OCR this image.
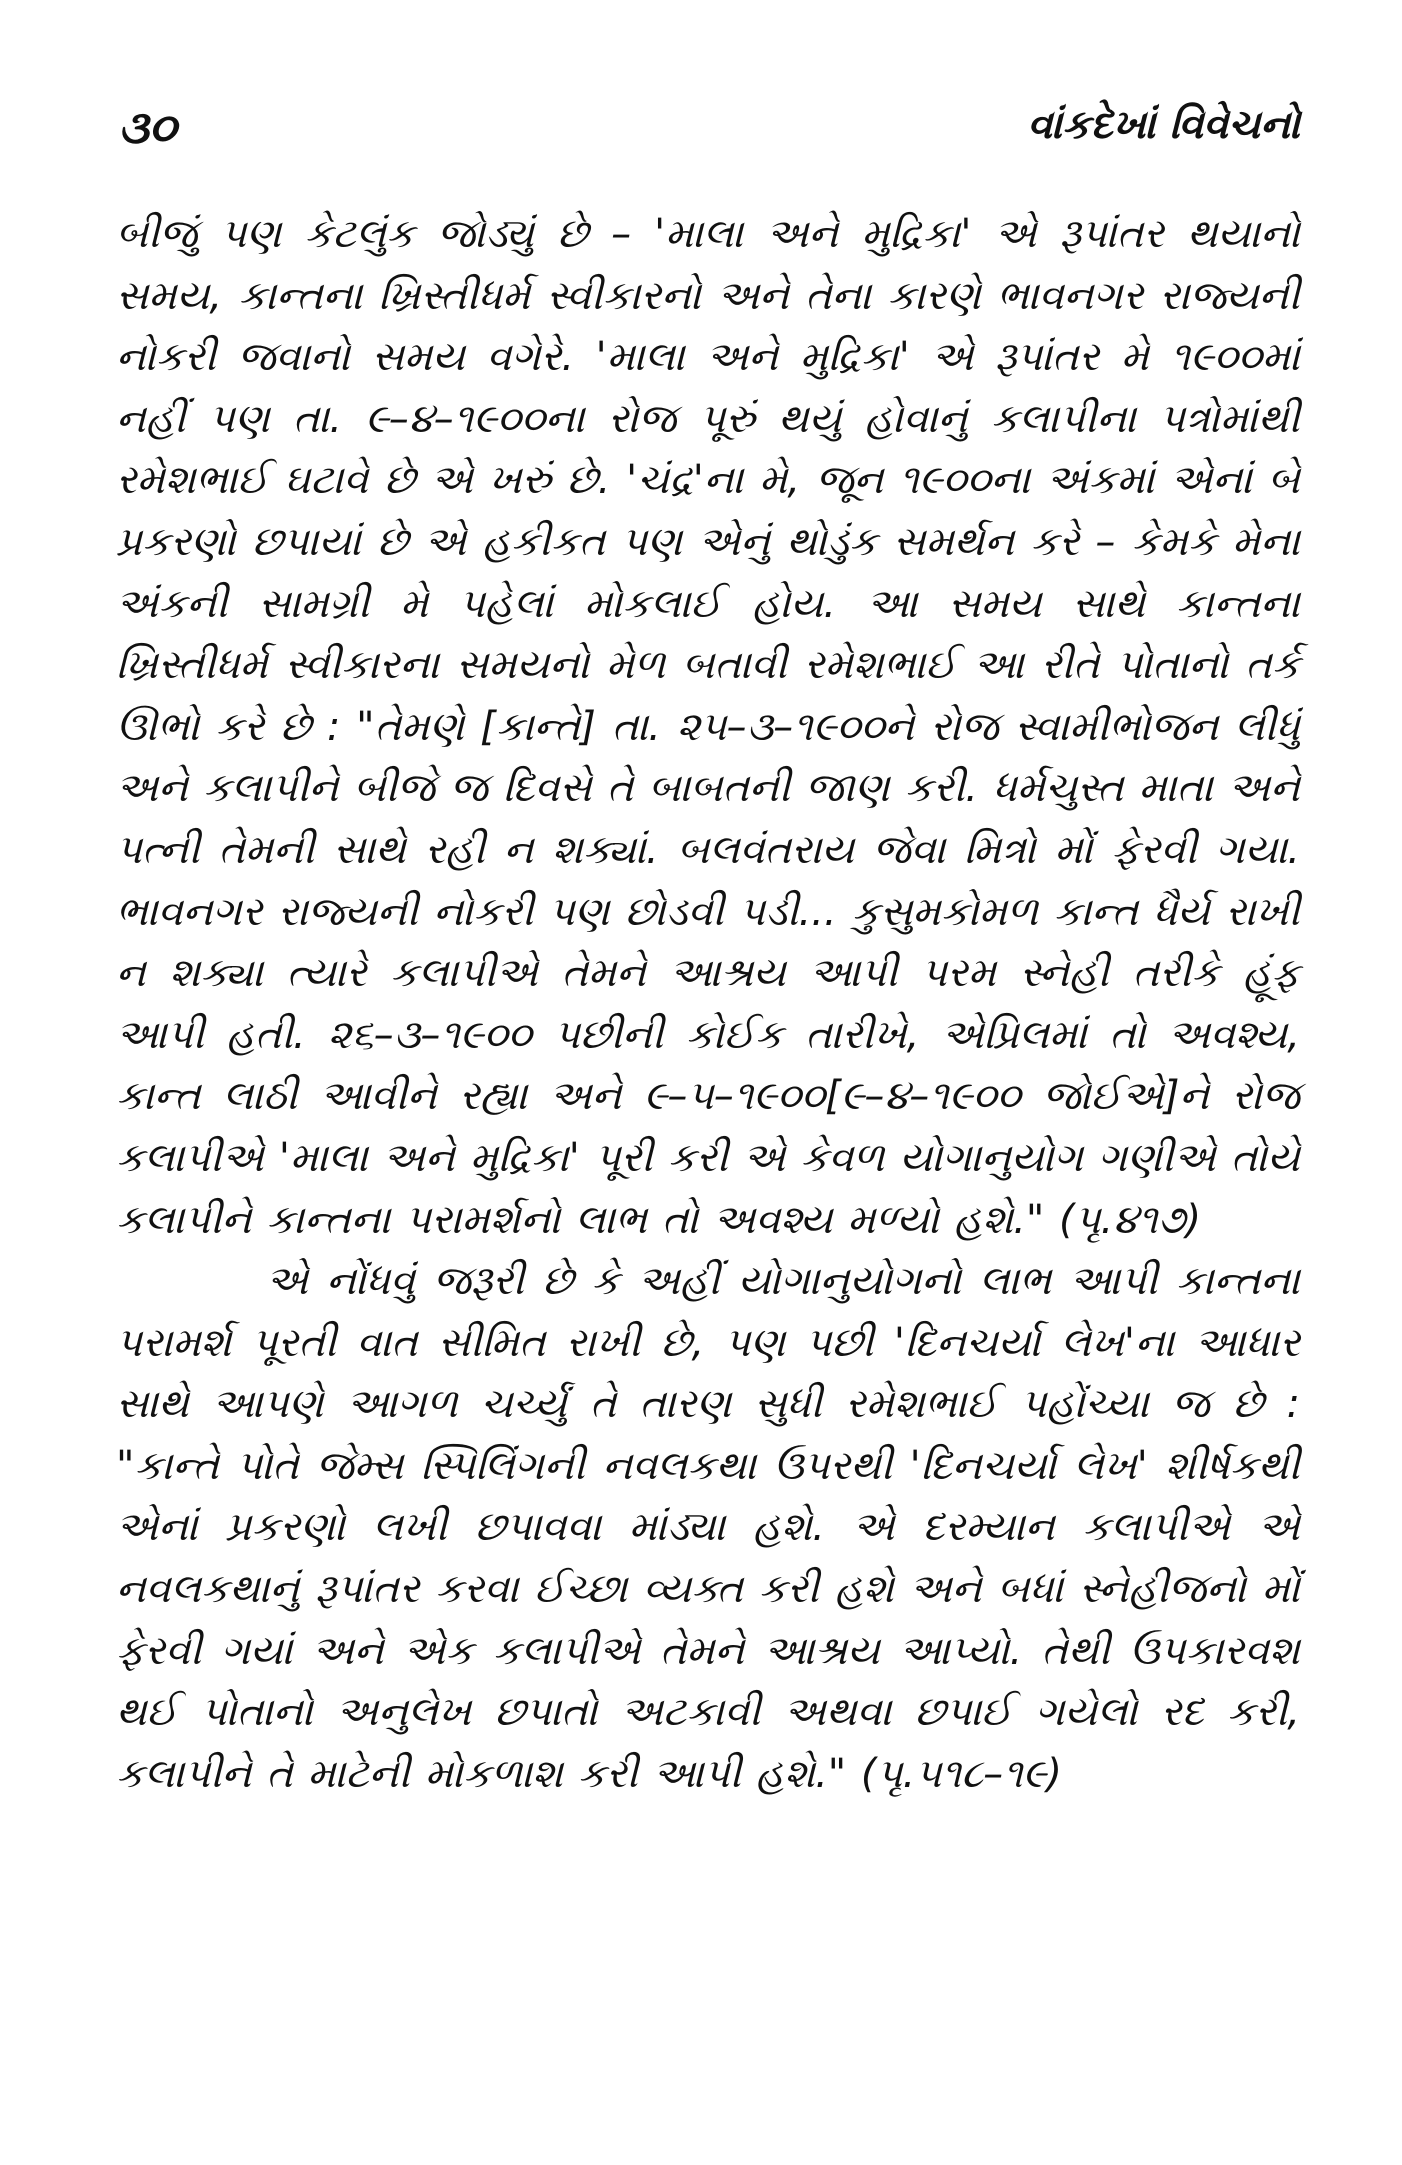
૩૦	વાંકદેખાં વિવેચનો

બીજું પણ કેટલુંક જોડ્યું છે – 'માલા અને મુદ્રિકા' એ રૂપાંતર થયાનો સમય, કાન્તના ખ્રિસ્તીધર્મ સ્વીકારનો અને તેના કારણે ભાવનગર રાજ્યની નોકરી જવાનો સમય વગેરે. 'માલા અને મુદ્રિકા' એ રૂપાંતર મે ૧૯૦૦માં નહીં પણ તા. ૯–૪–૧૯૦૦ના રોજ પૂરું થયું હોવાનું કલાપીના પત્રોમાંથી રમેશભાઈ ઘટાવે છે એ ખરું છે. 'ચંદ્ર'ના મે, જૂન ૧૯૦૦ના અંકમાં એનાં બે પ્રકરણો છપાયાં છે એ હકીકત પણ એનું થોડુંક સમર્થન કરે – કેમકે મેના અંકની સામગ્રી મે પહેલાં મોકલાઈ હોય. આ સમય સાથે કાન્તના ખ્રિસ્તીધર્મ સ્વીકારના સમયનો મેળ બતાવી રમેશભાઈ આ રીતે પોતાનો તર્ક ઊભો કરે છે : "તેમણે [કાન્તે] તા. ૨૫–૩–૧૯૦૦ને રોજ સ્વામીભોજન લીધું અને કલાપીને બીજે જ દિવસે તે બાબતની જાણ કરી. ધર્મચુસ્ત માતા અને પત્ની તેમની સાથે રહી ન શક્યાં. બલવંતરાય જેવા મિત્રો મોં ફેરવી ગયા. ભાવનગર રાજ્યની નોકરી પણ છોડવી પડી... કુસુમકોમળ કાન્ત ધૈર્ય રાખી ન શક્યા ત્યારે કલાપીએ તેમને આશ્રય આપી પરમ સ્નેહી તરીકે હૂંફ આપી હતી. ૨૬–૩–૧૯૦૦ પછીની કોઈક તારીખે, એપ્રિલમાં તો અવશ્ય, કાન્ત લાઠી આવીને રહ્યા અને ૯–૫–૧૯૦૦[૯–૪–૧૯૦૦ જોઈએ]ને રોજ કલાપીએ 'માલા અને મુદ્રિકા' પૂરી કરી એ કેવળ યોગાનુયોગ ગણીએ તોયે કલાપીને કાન્તના પરામર્શનો લાભ તો અવશ્ય મળ્યો હશે." (પૃ.૪૧૭)

એ નોંધવું જરૂરી છે કે અહીં યોગાનુયોગનો લાભ આપી કાન્તના પરામર્શ પૂરતી વાત સીમિત રાખી છે, પણ પછી 'દિનચર્યા લેખ'ના આધાર સાથે આપણે આગળ ચર્ચ્યું તે તારણ સુધી રમેશભાઈ પહોંચ્યા જ છે : "કાન્તે પોતે જેમ્સ સ્પિલિંગની નવલકથા ઉપરથી 'દિનચર્યા લેખ' શીર્ષકથી એનાં પ્રકરણો લખી છપાવવા માંડ્યા હશે. એ દરમ્યાન કલાપીએ એ નવલકથાનું રૂપાંતર કરવા ઈચ્છા વ્યક્ત કરી હશે અને બધાં સ્નેહીજનો મોં ફેરવી ગયાં અને એક કલાપીએ તેમને આશ્રય આપ્યો. તેથી ઉપકારવશ થઈ પોતાનો અનુલેખ છપાતો અટકાવી અથવા છપાઈ ગયેલો રદ કરી, કલાપીને તે માટેની મોકળાશ કરી આપી હશે." (પૃ.૫૧૮–૧૯)
